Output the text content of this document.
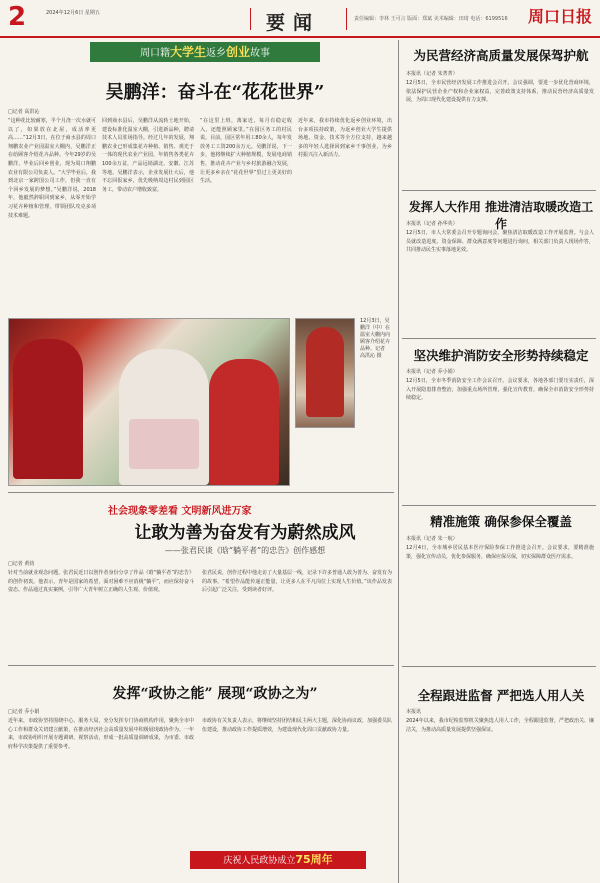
2	2024年12月6日 星期五	要闻	责任编辑：李林 王可言 版面：郑斌 美术编辑：田琦 电话：6199516 周口日报
周口籍大学生返乡创业故事
吴鹏洋：奋斗在“花花世界”
□记者 高洪沁
“这种花比较耐寒，半个月浇一次水就可以了，如果放在北屋，成活率更高……”12月3日，在位于商水县的周口翔鹏农业产业园温室大棚内，吴鹏洋正在给顾客介绍花卉品种。今年29岁的吴鹏洋，毕业后回乡创业，现为周口翔鹏农业有限公司负责人。“大学毕业后，我到北京一家跨国公司工作，但我一直有个回乡发展的梦想。”吴鹏洋说，2018年，他毅然辞职回到家乡，从零开始学习花卉种植和管理，带领团队攻克多项技术难题。
回到商水县后，吴鹏洋从流转土地开始，建设标准化温室大棚，引进新品种，聘请技术人员驻场指导。经过几年的发展，翔鹏农业已形成集花卉种植、销售、观光于一体的现代农业产业园，年销售各类花卉100余万盆，产品远销湖北、安徽、江苏等地。吴鹏洋表示，企业发展壮大后，他不忘回报家乡，优先吸纳周边村民到园区务工，带动农户增收致富。
“在这里上班，离家近，每月有稳定收入，还能照顾家里。”在园区务工的村民说。目前，园区常年用工80余人，每年发放务工工资200余万元。吴鹏洋说，下一步，他将继续扩大种植规模，发展电商销售，推动花卉产业与乡村旅游融合发展，让更多乡亲在“花花世界”里过上更美好的生活。
近年来，我市持续优化返乡创业环境，出台多项扶持政策，为返乡创业大学生提供场地、资金、技术等全方位支持，越来越多的年轻人选择回到家乡干事创业，为乡村振兴注入新活力。
12月3日，吴鹏洋（中）在温室大棚内向顾客介绍花卉品种。记者 高洪沁 摄
社会现象零差看 文明新风进万家
让敢为善为奋发有为蔚然成风
——张君民谈《晗“躺平者”的忠告》创作感想
□记者 黄钧
针对当前就业观念问题，张君民近日以创作者身份分享了作品《晗“躺平者”的忠告》的创作初衷。他表示，青年是国家的希望，面对困难不应消极“躺平”，而应保持奋斗姿态。作品通过真实案例，引导广大青年树立正确的人生观、价值观。
张君民说，创作过程中他走访了大量基层一线，记录下许多普通人敢为善为、奋发有为的故事。“希望作品能传递正能量，让更多人在平凡岗位上实现人生价值。”该作品发表后引起广泛关注，受到读者好评。
发挥“政协之能” 展现“政协之为”
□记者 乔小娟
近年来，市政协坚持围绕中心、服务大局，充分发挥专门协商机构作用，聚焦全市中心工作和群众关切建言献策，在推动经济社会高质量发展中积极展现政协作为。一年来，市政协组织开展专题调研、视察活动，形成一批高质量调研成果，为市委、市政府科学决策提供了重要参考。
市政协有关负责人表示，将继续坚持团结和民主两大主题，深化协商议政，加强委员队伍建设，推动政协工作提质增效，为建设现代化周口贡献政协力量。
庆祝人民政协成立75周年
为民营经济高质量发展保驾护航
本报讯（记者 朱菁菁）
12月5日，全市民营经济发展工作推进会召开。会议强调，要进一步优化营商环境，依法保护民营企业产权和企业家权益，完善政策支持体系，推动民营经济高质量发展，为周口现代化建设提供有力支撑。
发挥人大作用 推进清洁取暖改造工作
本报讯（记者 孙华英）
12月5日，市人大常委会召开专题询问会，聚焦清洁取暖改造工作开展监督。与会人员就改造进度、资金保障、群众满意度等问题进行询问，相关部门负责人现场作答，共同推动民生实事落地见效。
坚决维护消防安全形势持续稳定
本报讯（记者 乔小娟）
12月5日，全市冬季消防安全工作会议召开。会议要求，各地各部门要压实责任，深入开展隐患排查整治，加强重点场所管理，强化宣传教育，确保全市消防安全形势持续稳定。
精准施策 确保参保全覆盖
本报讯（记者 朱一航）
12月4日，全市城乡居民基本医疗保险参保工作推进会召开。会议要求，要精准施策，强化宣传动员，优化参保服务，确保应保尽保，切实保障群众医疗需求。
全程跟进监督 严把选人用人关
本报讯
2024年以来，我市纪检监察机关聚焦选人用人工作，全程跟进监督，严把政治关、廉洁关，为推动高质量发展提供坚强保证。
